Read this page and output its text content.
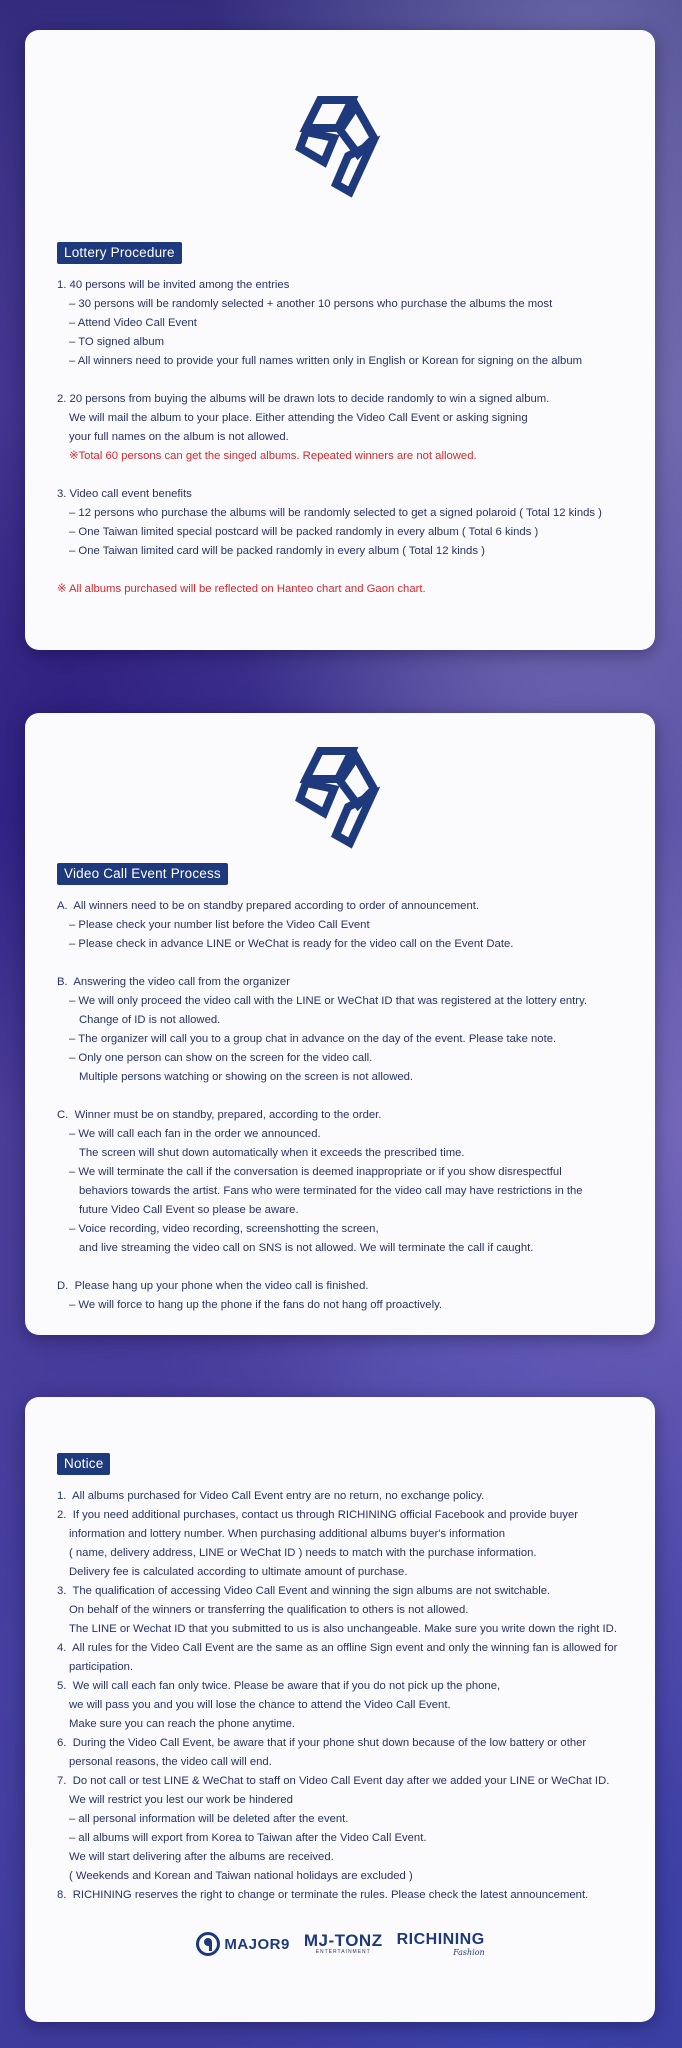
Lottery Procedure
1. 40 persons will be invited among the entries
– 30 persons will be randomly selected + another 10 persons who purchase the albums the most
– Attend Video Call Event
– TO signed album
– All winners need to provide your full names written only in English or Korean for signing on the album
2. 20 persons from buying the albums will be drawn lots to decide randomly to win a signed album.
We will mail the album to your place. Either attending the Video Call Event or asking signing
your full names on the album is not allowed.
※Total 60 persons can get the singed albums. Repeated winners are not allowed.
3. Video call event benefits
– 12 persons who purchase the albums will be randomly selected to get a signed polaroid ( Total 12 kinds )
– One Taiwan limited special postcard will be packed randomly in every album ( Total 6 kinds )
– One Taiwan limited card will be packed randomly in every album ( Total 12 kinds )
※ All albums purchased will be reflected on Hanteo chart and Gaon chart.
Video Call Event Process
A.  All winners need to be on standby prepared according to order of announcement.
– Please check your number list before the Video Call Event
– Please check in advance LINE or WeChat is ready for the video call on the Event Date.
B.  Answering the video call from the organizer
– We will only proceed the video call with the LINE or WeChat ID that was registered at the lottery entry.
Change of ID is not allowed.
– The organizer will call you to a group chat in advance on the day of the event. Please take note.
– Only one person can show on the screen for the video call.
Multiple persons watching or showing on the screen is not allowed.
C.  Winner must be on standby, prepared, according to the order.
– We will call each fan in the order we announced.
The screen will shut down automatically when it exceeds the prescribed time.
– We will terminate the call if the conversation is deemed inappropriate or if you show disrespectful
behaviors towards the artist. Fans who were terminated for the video call may have restrictions in the
future Video Call Event so please be aware.
– Voice recording, video recording, screenshotting the screen,
and live streaming the video call on SNS is not allowed. We will terminate the call if caught.
D.  Please hang up your phone when the video call is finished.
– We will force to hang up the phone if the fans do not hang off proactively.
Notice
1.  All albums purchased for Video Call Event entry are no return, no exchange policy.
2.  If you need additional purchases, contact us through RICHINING official Facebook and provide buyer
information and lottery number. When purchasing additional albums buyer's information
( name, delivery address, LINE or WeChat ID ) needs to match with the purchase information.
Delivery fee is calculated according to ultimate amount of purchase.
3.  The qualification of accessing Video Call Event and winning the sign albums are not switchable.
On behalf of the winners or transferring the qualification to others is not allowed.
The LINE or Wechat ID that you submitted to us is also unchangeable. Make sure you write down the right ID.
4.  All rules for the Video Call Event are the same as an offline Sign event and only the winning fan is allowed for
participation.
5.  We will call each fan only twice. Please be aware that if you do not pick up the phone,
we will pass you and you will lose the chance to attend the Video Call Event.
Make sure you can reach the phone anytime.
6.  During the Video Call Event, be aware that if your phone shut down because of the low battery or other
personal reasons, the video call will end.
7.  Do not call or test LINE & WeChat to staff on Video Call Event day after we added your LINE or WeChat ID.
We will restrict you lest our work be hindered
– all personal information will be deleted after the event.
– all albums will export from Korea to Taiwan after the Video Call Event.
We will start delivering after the albums are received.
( Weekends and Korean and Taiwan national holidays are excluded )
8.  RICHINING reserves the right to change or terminate the rules. Please check the latest announcement.
MAJOR9 MJ-TONZ
ENTERTAINMENT
RICHINING
Fashion
